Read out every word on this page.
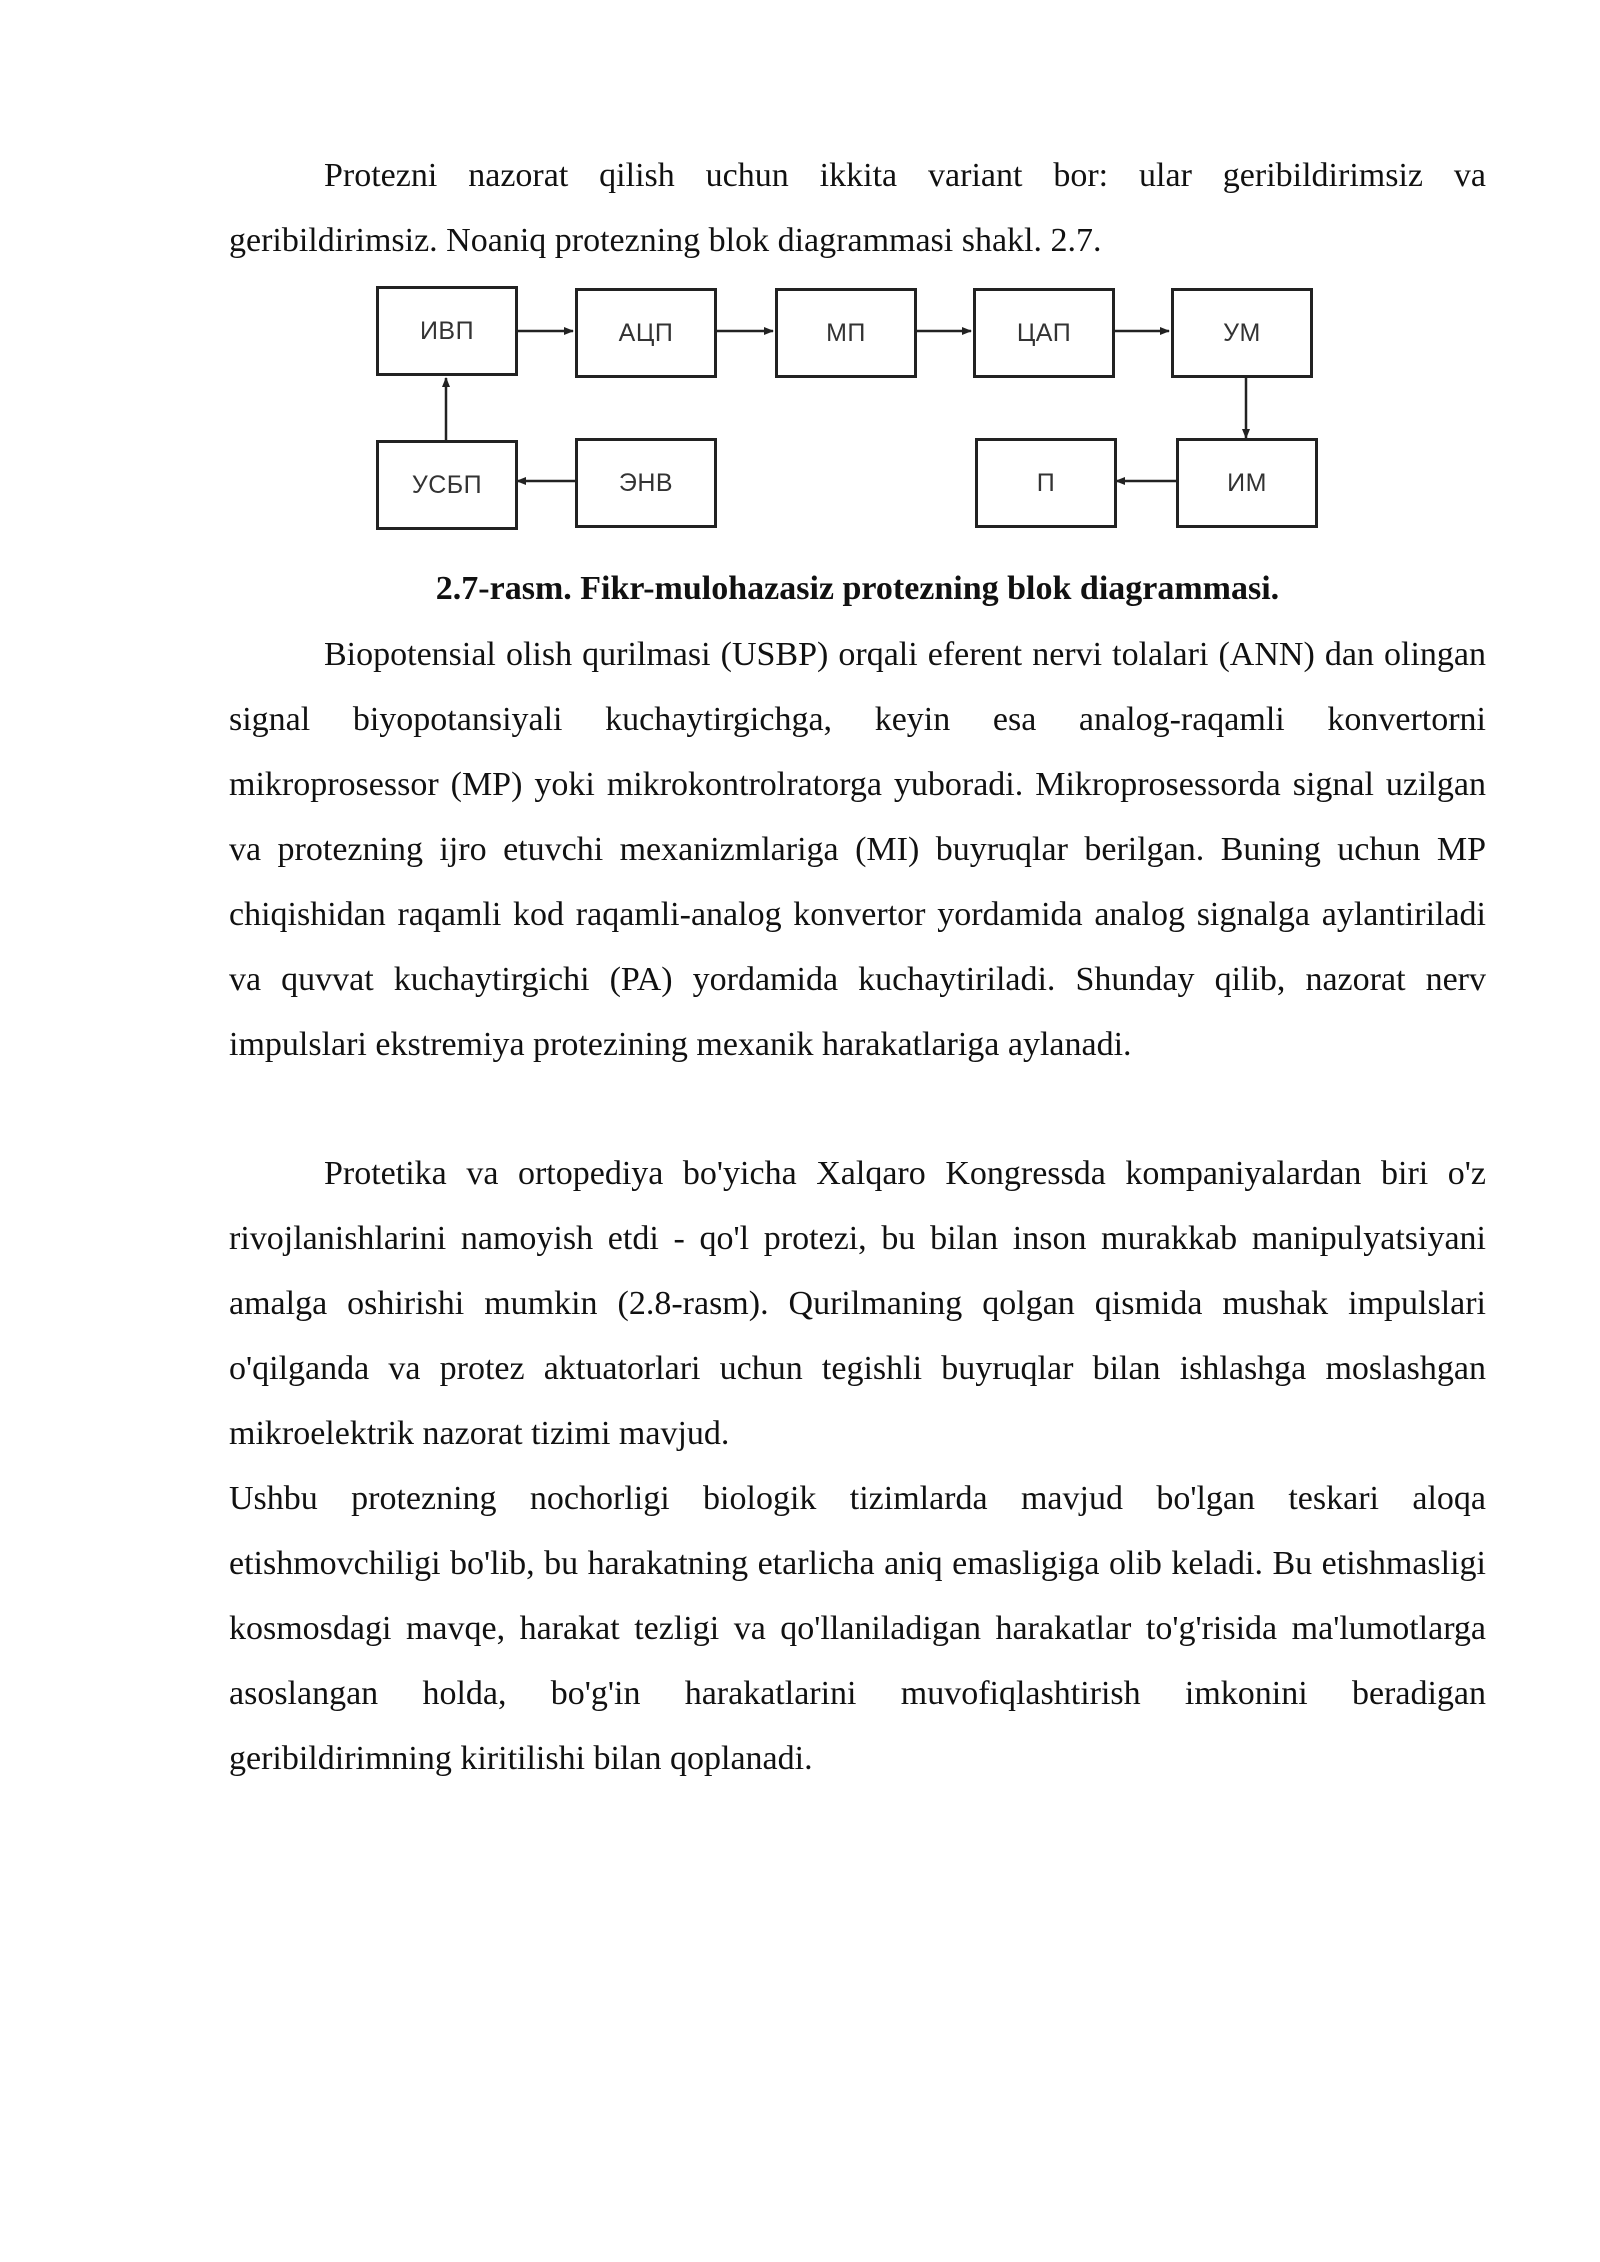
Protezni nazorat qilish uchun ikkita variant bor: ular geribildirimsiz va geribildirimsiz. Noaniq protezning blok diagrammasi shakl. 2.7.

ИВП	АЦП	МП	ЦАП	УМ
УСБП	ЭНВ	П	ИМ

2.7-rasm. Fikr-mulohazasiz protezning blok diagrammasi.

Biopotensial olish qurilmasi (USBP) orqali eferent nervi tolalari (ANN) dan olingan signal biyopotansiyali kuchaytirgichga, keyin esa analog-raqamli konvertorni mikroprosessor (MP) yoki mikrokontrolratorga yuboradi. Mikroprosessorda signal uzilgan va protezning ijro etuvchi mexanizmlariga (MI) buyruqlar berilgan. Buning uchun MP chiqishidan raqamli kod raqamli-analog konvertor yordamida analog signalga aylantiriladi va quvvat kuchaytirgichi (PA) yordamida kuchaytiriladi. Shunday qilib, nazorat nerv impulslari ekstremiya protezining mexanik harakatlariga aylanadi.

Protetika va ortopediya bo'yicha Xalqaro Kongressda kompaniyalardan biri o'z rivojlanishlarini namoyish etdi - qo'l protezi, bu bilan inson murakkab manipulyatsiyani amalga oshirishi mumkin (2.8-rasm). Qurilmaning qolgan qismida mushak impulslari o'qilganda va protez aktuatorlari uchun tegishli buyruqlar bilan ishlashga moslashgan mikroelektrik nazorat tizimi mavjud.

Ushbu protezning nochorligi biologik tizimlarda mavjud bo'lgan teskari aloqa etishmovchiligi bo'lib, bu harakatning etarlicha aniq emasligiga olib keladi. Bu etishmasligi kosmosdagi mavqe, harakat tezligi va qo'llaniladigan harakatlar to'g'risida ma'lumotlarga asoslangan holda, bo'g'in harakatlarini muvofiqlashtirish imkonini beradigan geribildirimning kiritilishi bilan qoplanadi.
